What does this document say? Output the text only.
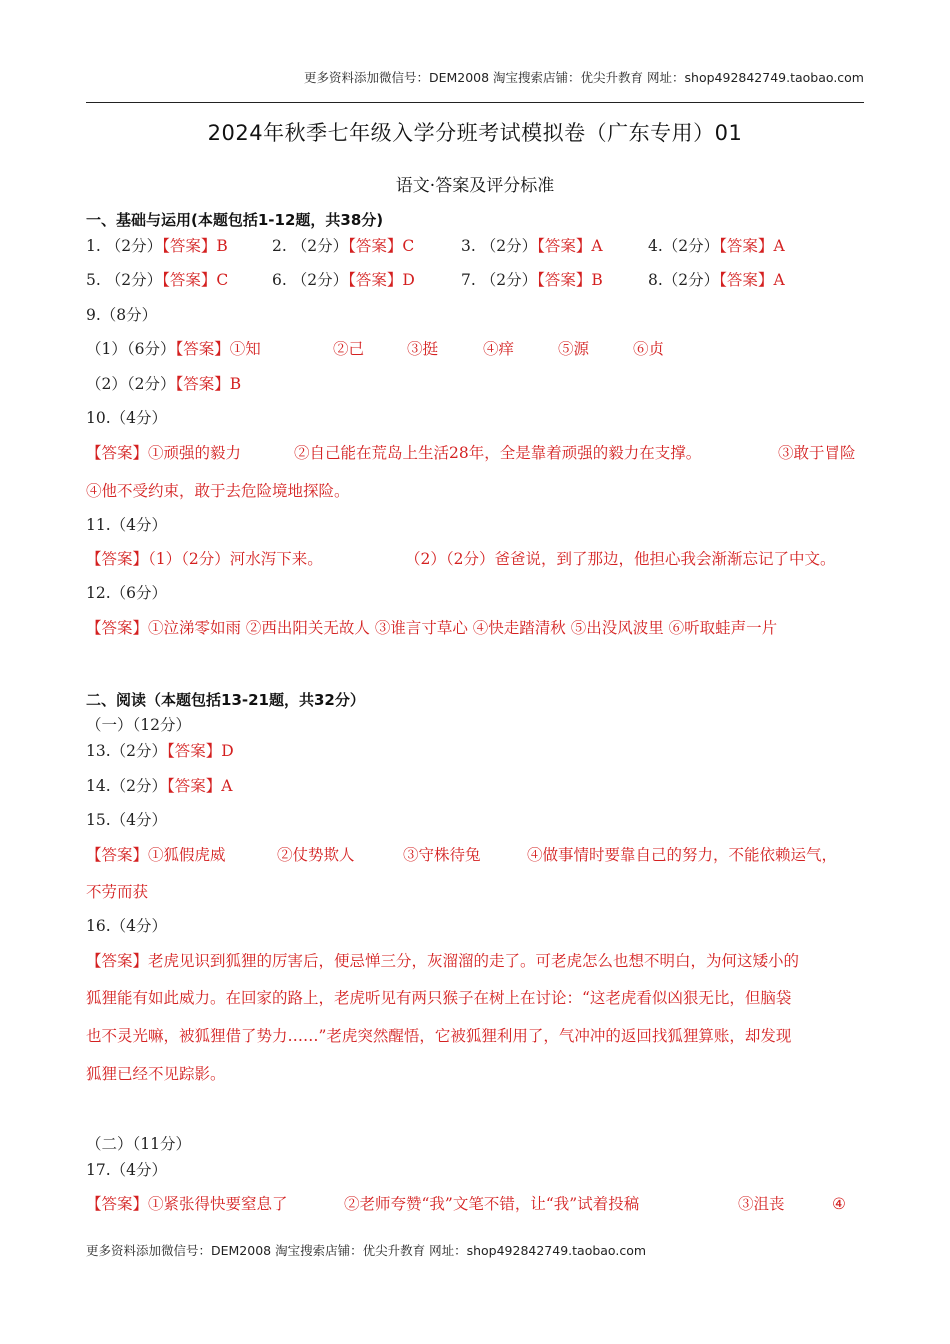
更多资料添加微信号：DEM2008 淘宝搜索店铺：优尖升教育 网址：shop492842749.taobao.com
2024年秋季七年级入学分班考试模拟卷（广东专用）01
语文·答案及评分标准
一、基础与运用(本题包括1-12题，共38分)
1. （2分）【答案】B	2. （2分）【答案】C	3. （2分）【答案】A	4.（2分）【答案】A
5. （2分）【答案】C	6. （2分）【答案】D	7. （2分）【答案】B	8.（2分）【答案】A
9.（8分）
（1）（6分）【答案】①知	②己	③挺	④痒	⑤源	⑥贞
（2）（2分）【答案】B
10.（4分）
【答案】①顽强的毅力	②自己能在荒岛上生活28年，全是靠着顽强的毅力在支撑。	③敢于冒险
④他不受约束，敢于去危险境地探险。
11.（4分）
【答案】（1）（2分）河水泻下来。	（2）（2分）爸爸说，到了那边，他担心我会渐渐忘记了中文。
12.（6分）
【答案】①泣涕零如雨 ②西出阳关无故人 ③谁言寸草心 ④快走踏清秋 ⑤出没风波里 ⑥听取蛙声一片
二、阅读（本题包括13-21题，共32分）
（一）（12分）
13.（2分）【答案】D
14.（2分）【答案】A
15.（4分）
【答案】①狐假虎威	②仗势欺人	③守株待兔	④做事情时要靠自己的努力，不能依赖运气，
不劳而获
16.（4分）
【答案】老虎见识到狐狸的厉害后，便忌惮三分，灰溜溜的走了。可老虎怎么也想不明白，为何这矮小的
狐狸能有如此威力。在回家的路上，老虎听见有两只猴子在树上在讨论：“这老虎看似凶狠无比，但脑袋
也不灵光嘛，被狐狸借了势力……”老虎突然醒悟，它被狐狸利用了，气冲冲的返回找狐狸算账，却发现
狐狸已经不见踪影。
（二）（11分）
17.（4分）
【答案】①紧张得快要窒息了	②老师夸赞“我”文笔不错，让“我”试着投稿	③沮丧	④
更多资料添加微信号：DEM2008 淘宝搜索店铺：优尖升教育 网址：shop492842749.taobao.com
